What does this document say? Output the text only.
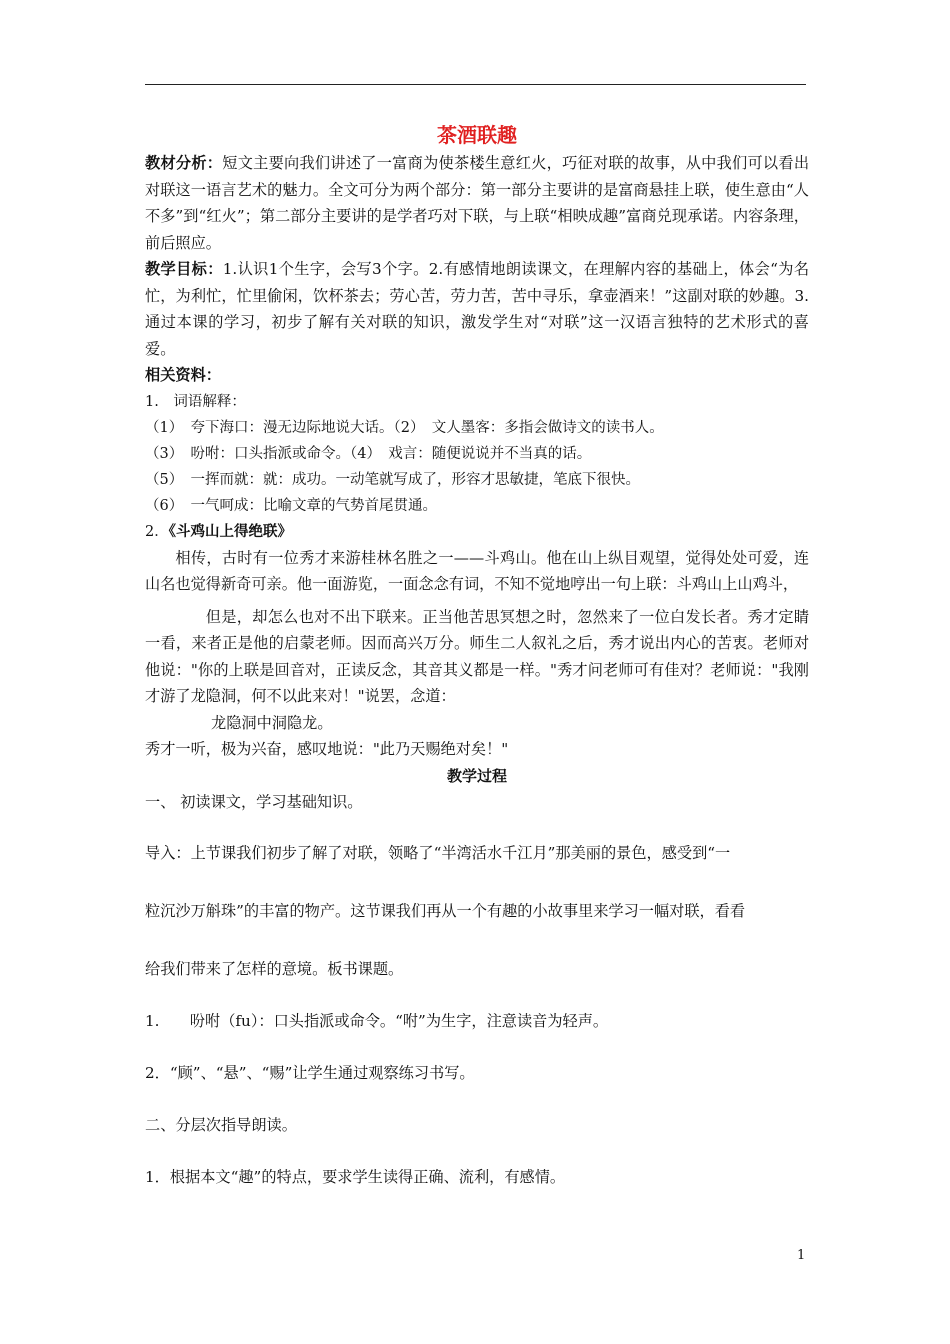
茶酒联趣

教材分析：短文主要向我们讲述了一富商为使茶楼生意红火，巧征对联的故事，从中我们可以看出对联这一语言艺术的魅力。全文可分为两个部分：第一部分主要讲的是富商悬挂上联，使生意由“人不多”到“红火”；第二部分主要讲的是学者巧对下联，与上联“相映成趣”富商兑现承诺。内容条理，前后照应。

教学目标：1.认识1个生字，会写3个字。2.有感情地朗读课文，在理解内容的基础上，体会“为名忙，为利忙，忙里偷闲，饮杯茶去；劳心苦，劳力苦，苦中寻乐，拿壶酒来！”这副对联的妙趣。3.　通过本课的学习，初步了解有关对联的知识，激发学生对“对联”这一汉语言独特的艺术形式的喜爱。

相关资料：

1.　词语解释：

（1）　夸下海口：漫无边际地说大话。（2）　文人墨客：多指会做诗文的读书人。

（3）　吩咐：口头指派或命令。（4）　戏言：随便说说并不当真的话。

（5）　一挥而就：就：成功。一动笔就写成了，形容才思敏捷，笔底下很快。

（6）　一气呵成：比喻文章的气势首尾贯通。

2．《斗鸡山上得绝联》

相传，古时有一位秀才来游桂林名胜之一——斗鸡山。他在山上纵目观望，觉得处处可爱，连山名也觉得新奇可亲。他一面游览，一面念念有词，不知不觉地哼出一句上联：斗鸡山上山鸡斗，

但是，却怎么也对不出下联来。正当他苦思冥想之时，忽然来了一位白发长者。秀才定睛一看，来者正是他的启蒙老师。因而高兴万分。师生二人叙礼之后，秀才说出内心的苦衷。老师对他说："你的上联是回音对，正读反念，其音其义都是一样。"秀才问老师可有佳对？老师说："我刚才游了龙隐洞，何不以此来对！"说罢，念道：

龙隐洞中洞隐龙。

秀才一听，极为兴奋，感叹地说："此乃天赐绝对矣！"

教学过程

一、 初读课文，学习基础知识。

导入：上节课我们初步了解了对联，领略了“半湾活水千江月”那美丽的景色，感受到“一

粒沉沙万斛珠”的丰富的物产。这节课我们再从一个有趣的小故事里来学习一幅对联，看看

给我们带来了怎样的意境。板书课题。

1.　　吩咐（fu）：口头指派或命令。“咐”为生字，注意读音为轻声。

2．“顾”、“悬”、“赐”让学生通过观察练习书写。

二、分层次指导朗读。

1．根据本文“趣”的特点，要求学生读得正确、流利，有感情。

1
